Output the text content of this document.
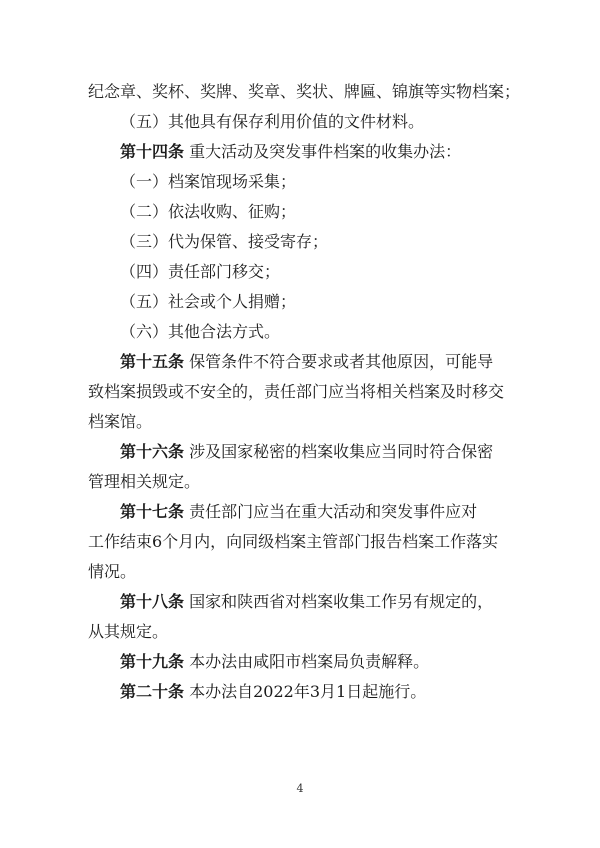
纪念章、奖杯、奖牌、奖章、奖状、牌匾、锦旗等实物档案；
（五）其他具有保存利用价值的文件材料。
第十四条 重大活动及突发事件档案的收集办法：
（一）档案馆现场采集；
（二）依法收购、征购；
（三）代为保管、接受寄存；
（四）责任部门移交；
（五）社会或个人捐赠；
（六）其他合法方式。
第十五条 保管条件不符合要求或者其他原因，可能导
致档案损毁或不安全的，责任部门应当将相关档案及时移交
档案馆。
第十六条 涉及国家秘密的档案收集应当同时符合保密
管理相关规定。
第十七条 责任部门应当在重大活动和突发事件应对
工作结束6个月内，向同级档案主管部门报告档案工作落实
情况。
第十八条 国家和陕西省对档案收集工作另有规定的，
从其规定。
第十九条 本办法由咸阳市档案局负责解释。
第二十条 本办法自2022年3月1日起施行。
4
